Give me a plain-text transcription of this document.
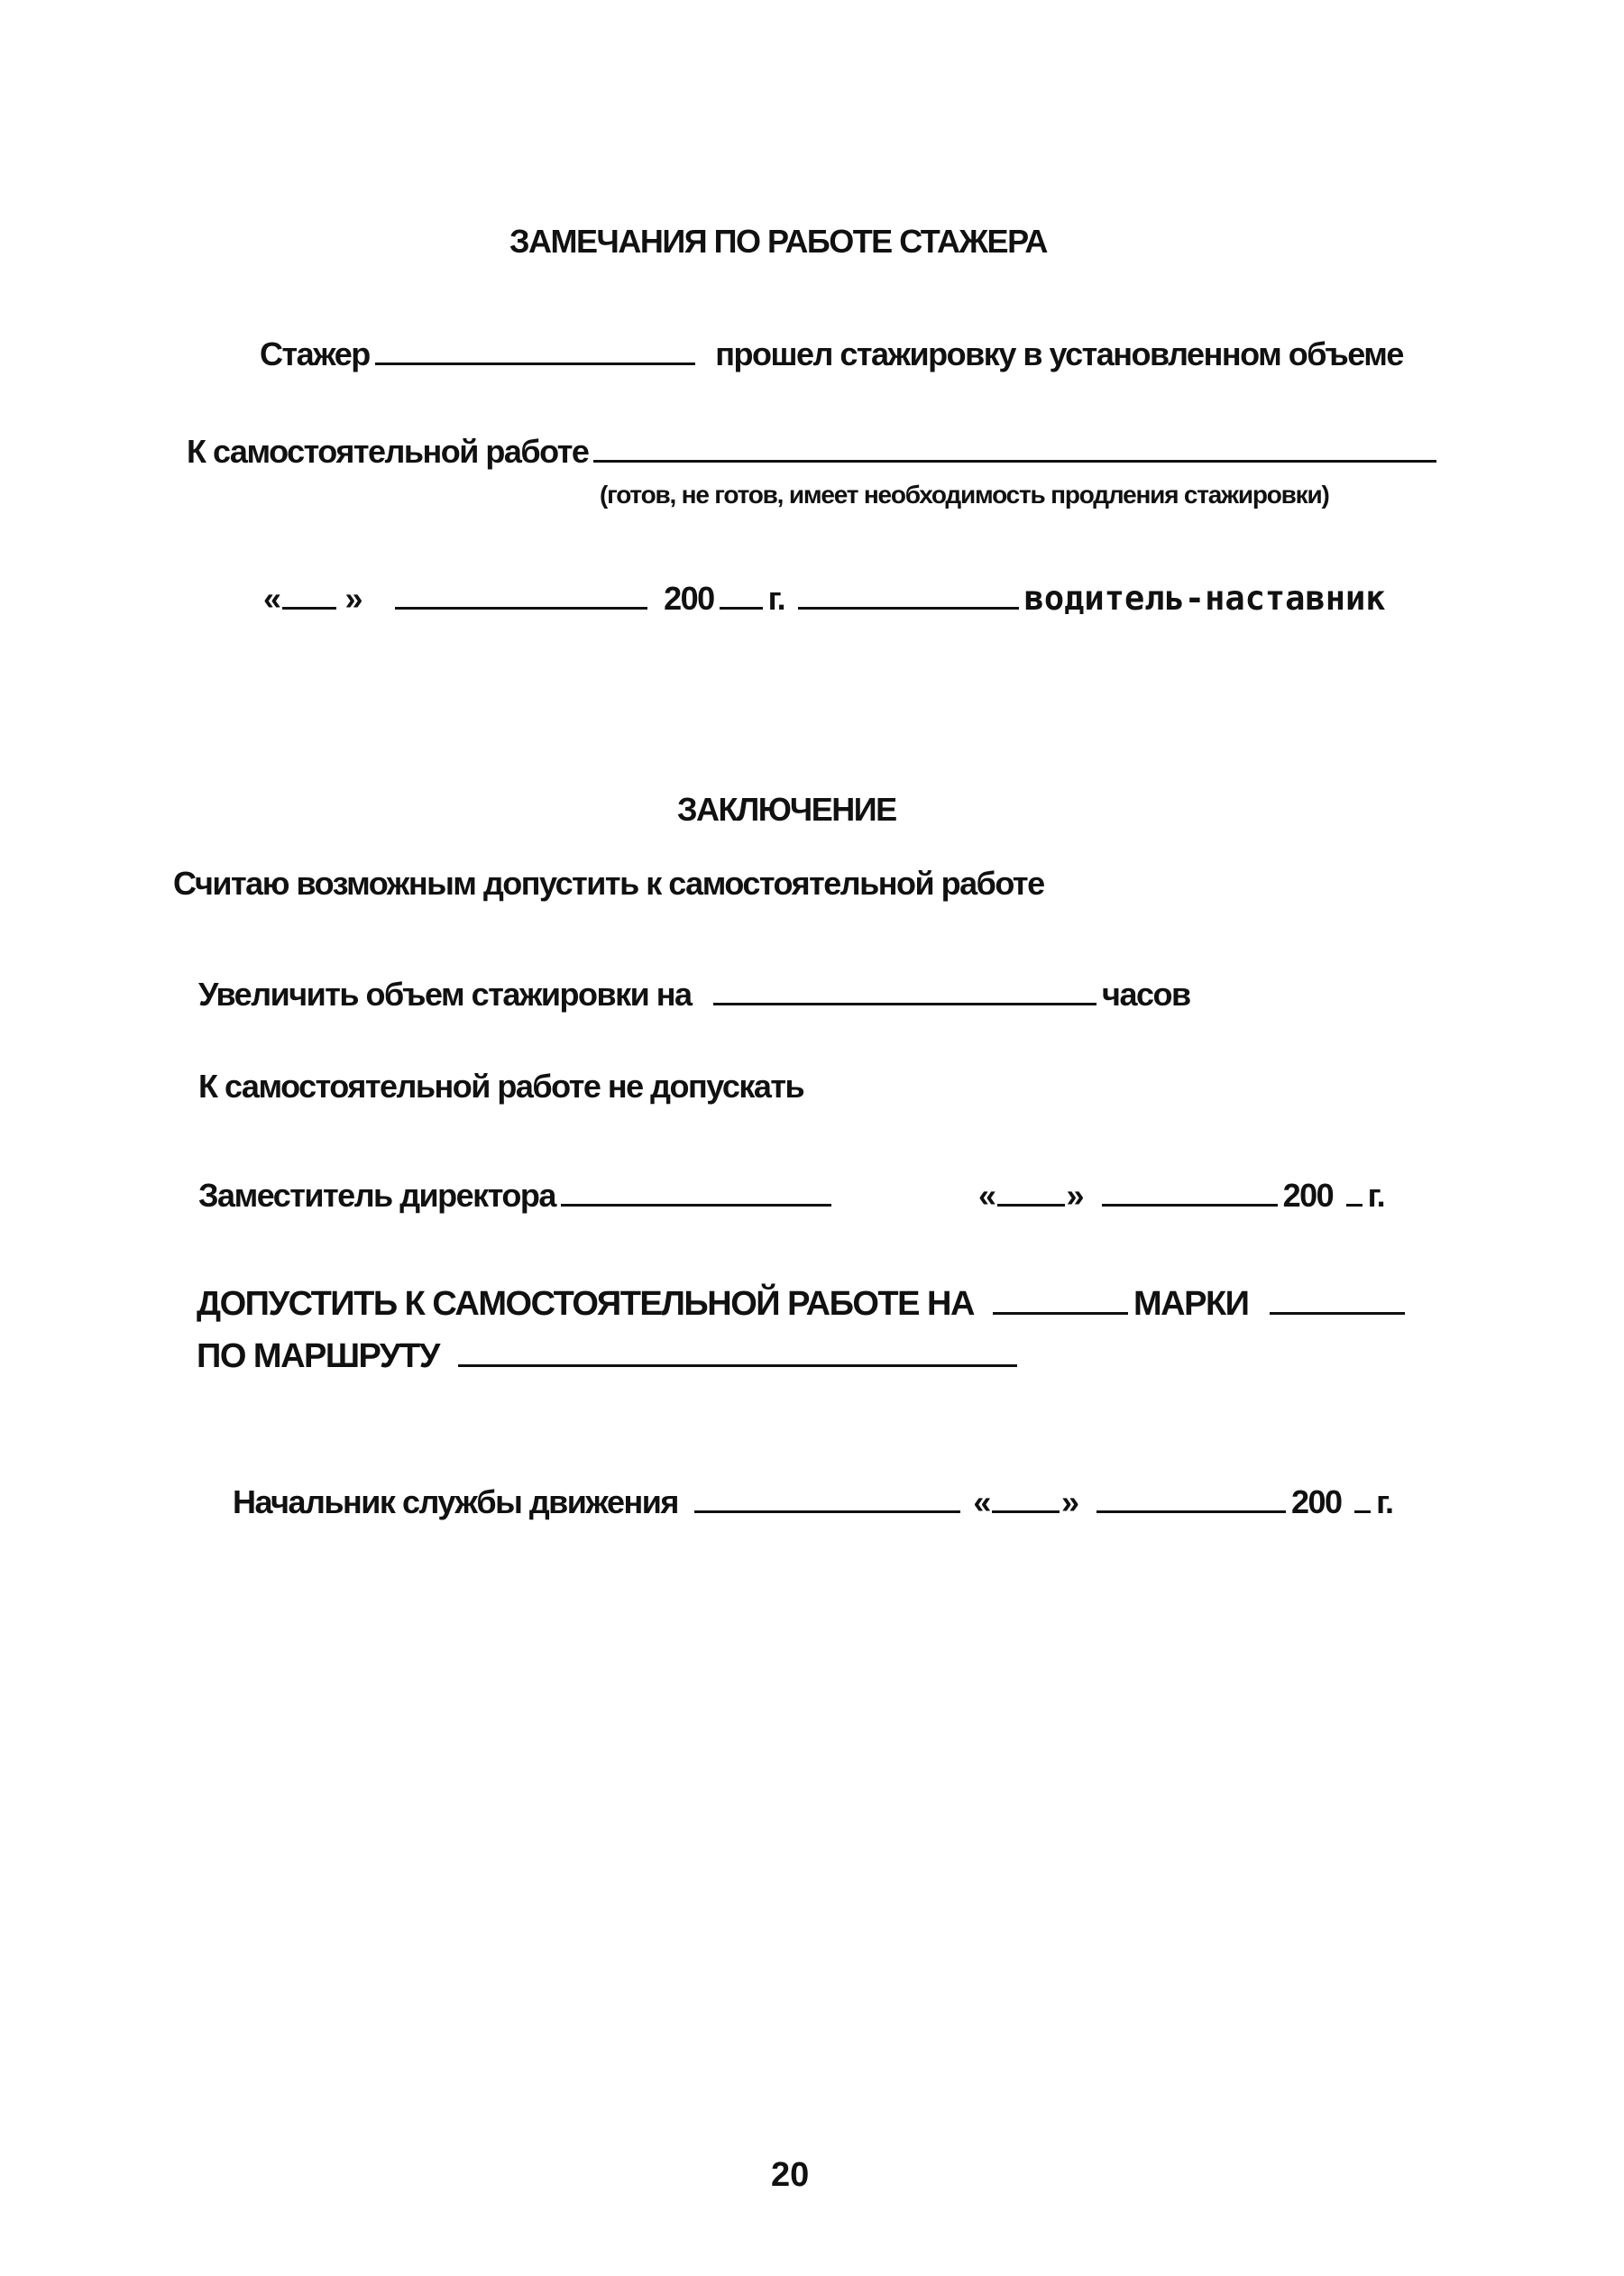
ЗАМЕЧАНИЯ ПО РАБОТЕ СТАЖЕРА
Стажер	прошел стажировку в установленном объеме
К самостоятельной работе
(готов, не готов, имеет необходимость продления стажировки)
« »	200 г.	водитель-наставник
ЗАКЛЮЧЕНИЕ
Считаю возможным допустить к самостоятельной работе
Увеличить объем стажировки на	часов
К самостоятельной работе не допускать
Заместитель директора	« »	200 г.
ДОПУСТИТЬ К САМОСТОЯТЕЛЬНОЙ РАБОТЕ НА	МАРКИ
ПО МАРШРУТУ
Начальник службы движения	« »	200 г.
20
